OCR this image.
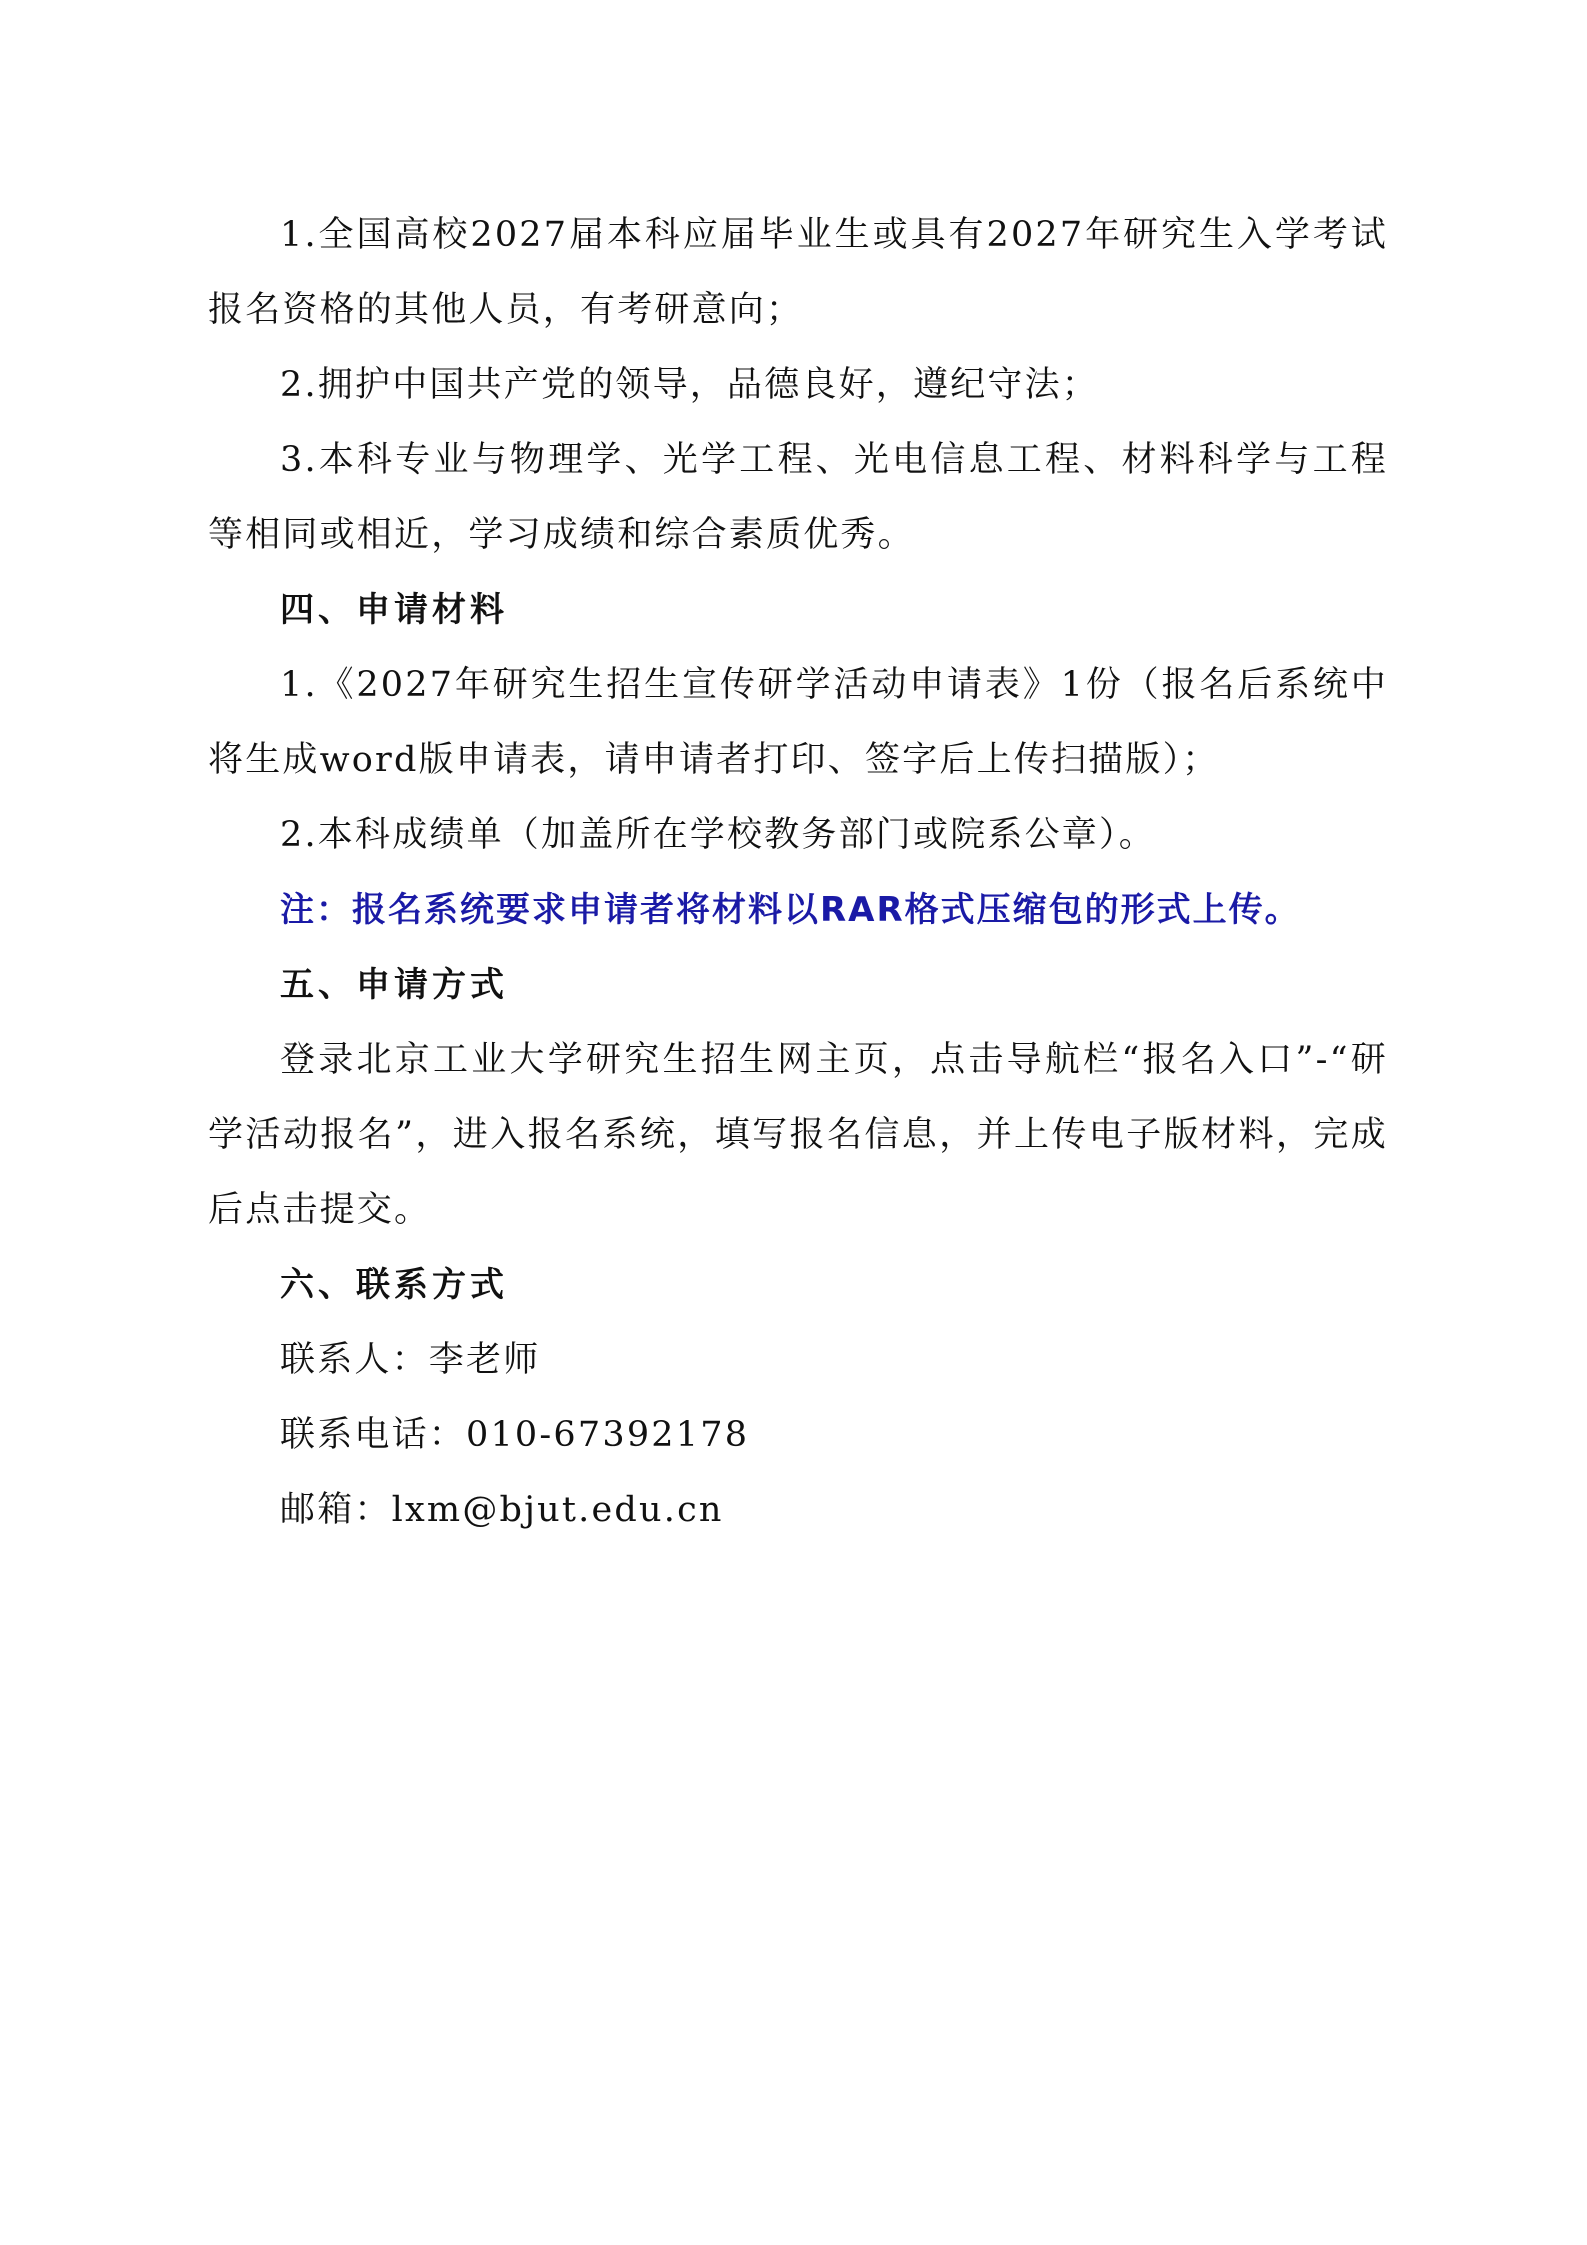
1.全国高校2027届本科应届毕业生或具有2027年研究生入学考试报名资格的其他人员，有考研意向；

2.拥护中国共产党的领导，品德良好，遵纪守法；

3.本科专业与物理学、光学工程、光电信息工程、材料科学与工程等相同或相近，学习成绩和综合素质优秀。

四、申请材料

1.《2027年研究生招生宣传研学活动申请表》1份（报名后系统中将生成word版申请表，请申请者打印、签字后上传扫描版）；

2.本科成绩单（加盖所在学校教务部门或院系公章）。

注：报名系统要求申请者将材料以RAR格式压缩包的形式上传。

五、申请方式

登录北京工业大学研究生招生网主页，点击导航栏“报名入口”-“研学活动报名”，进入报名系统，填写报名信息，并上传电子版材料，完成后点击提交。

六、联系方式

联系人：李老师

联系电话：010-67392178

邮箱：lxm@bjut.edu.cn
